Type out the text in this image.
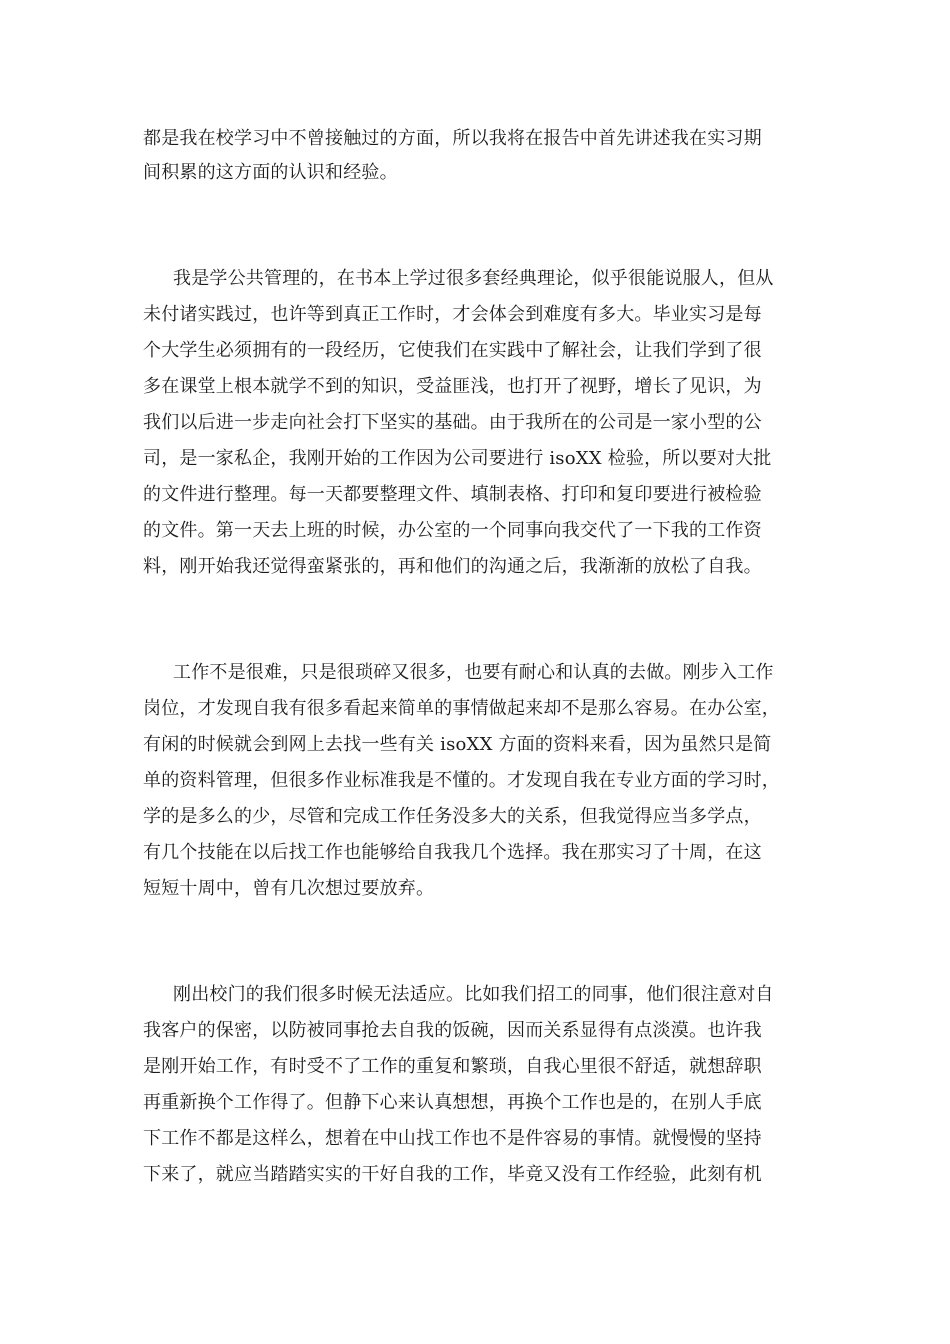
都是我在校学习中不曾接触过的方面，所以我将在报告中首先讲述我在实习期
间积累的这方面的认识和经验。
我是学公共管理的，在书本上学过很多套经典理论，似乎很能说服人，但从
未付诸实践过，也许等到真正工作时，才会体会到难度有多大。毕业实习是每
个大学生必须拥有的一段经历，它使我们在实践中了解社会，让我们学到了很
多在课堂上根本就学不到的知识，受益匪浅，也打开了视野，增长了见识，为
我们以后进一步走向社会打下坚实的基础。由于我所在的公司是一家小型的公
司，是一家私企，我刚开始的工作因为公司要进行 isoXX 检验，所以要对大批
的文件进行整理。每一天都要整理文件、填制表格、打印和复印要进行被检验
的文件。第一天去上班的时候，办公室的一个同事向我交代了一下我的工作资
料，刚开始我还觉得蛮紧张的，再和他们的沟通之后，我渐渐的放松了自我。
工作不是很难，只是很琐碎又很多，也要有耐心和认真的去做。刚步入工作
岗位，才发现自我有很多看起来简单的事情做起来却不是那么容易。在办公室，
有闲的时候就会到网上去找一些有关 isoXX 方面的资料来看，因为虽然只是简
单的资料管理，但很多作业标准我是不懂的。才发现自我在专业方面的学习时，
学的是多么的少，尽管和完成工作任务没多大的关系，但我觉得应当多学点，
有几个技能在以后找工作也能够给自我我几个选择。我在那实习了十周，在这
短短十周中，曾有几次想过要放弃。
刚出校门的我们很多时候无法适应。比如我们招工的同事，他们很注意对自
我客户的保密，以防被同事抢去自我的饭碗，因而关系显得有点淡漠。也许我
是刚开始工作，有时受不了工作的重复和繁琐，自我心里很不舒适，就想辞职
再重新换个工作得了。但静下心来认真想想，再换个工作也是的，在别人手底
下工作不都是这样么，想着在中山找工作也不是件容易的事情。就慢慢的坚持
下来了，就应当踏踏实实的干好自我的工作，毕竟又没有工作经验，此刻有机
